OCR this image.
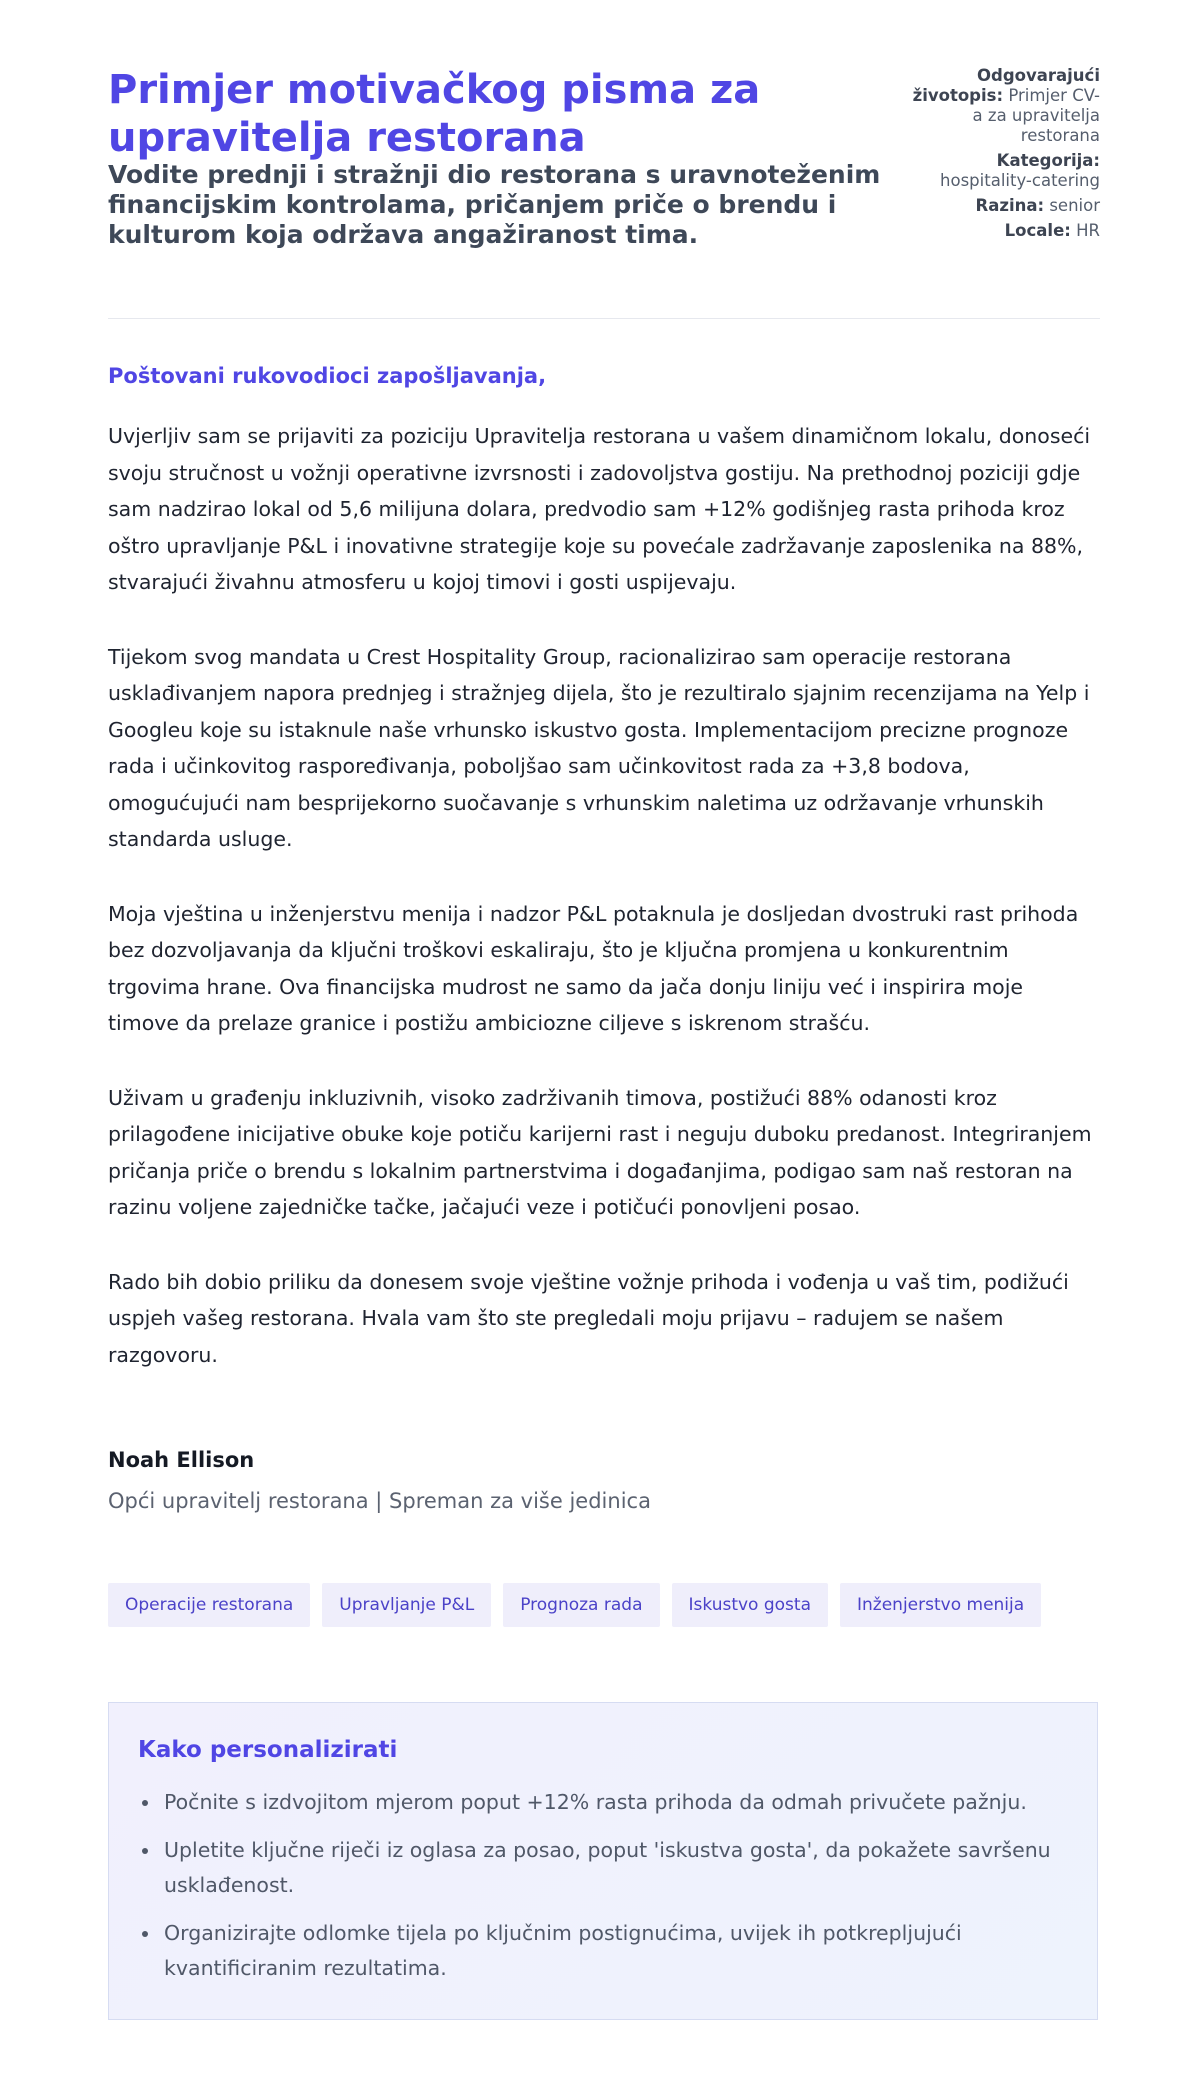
Primjer motivačkog pisma za upravitelja restorana
Vodite prednji i stražnji dio restorana s uravnoteženim financijskim kontrolama, pričanjem priče o brendu i kulturom koja održava angažiranost tima.
Odgovarajući životopis: Primjer CV-a za upravitelja restorana
Kategorija: hospitality-catering
Razina: senior
Locale: HR
Poštovani rukovodioci zapošljavanja,

Uvjerljiv sam se prijaviti za poziciju Upravitelja restorana u vašem dinamičnom lokalu, donoseći svoju stručnost u vožnji operativne izvrsnosti i zadovoljstva gostiju. Na prethodnoj poziciji gdje sam nadzirao lokal od 5,6 milijuna dolara, predvodio sam +12% godišnjeg rasta prihoda kroz oštro upravljanje P&L i inovativne strategije koje su povećale zadržavanje zaposlenika na 88%, stvarajući živahnu atmosferu u kojoj timovi i gosti uspijevaju.

Tijekom svog mandata u Crest Hospitality Group, racionalizirao sam operacije restorana usklađivanjem napora prednjeg i stražnjeg dijela, što je rezultiralo sjajnim recenzijama na Yelp i Googleu koje su istaknule naše vrhunsko iskustvo gosta. Implementacijom precizne prognoze rada i učinkovitog raspoređivanja, poboljšao sam učinkovitost rada za +3,8 bodova, omogućujući nam besprijekorno suočavanje s vrhunskim naletima uz održavanje vrhunskih standarda usluge.

Moja vještina u inženjerstvu menija i nadzor P&L potaknula je dosljedan dvostruki rast prihoda bez dozvoljavanja da ključni troškovi eskaliraju, što je ključna promjena u konkurentnim trgovima hrane. Ova financijska mudrost ne samo da jača donju liniju već i inspirira moje timove da prelaze granice i postižu ambiciozne ciljeve s iskrenom strašću.

Uživam u građenju inkluzivnih, visoko zadrživanih timova, postižući 88% odanosti kroz prilagođene inicijative obuke koje potiču karijerni rast i neguju duboku predanost. Integriranjem pričanja priče o brendu s lokalnim partnerstvima i događanjima, podigao sam naš restoran na razinu voljene zajedničke tačke, jačajući veze i potičući ponovljeni posao.

Rado bih dobio priliku da donesem svoje vještine vožnje prihoda i vođenja u vaš tim, podižući uspjeh vašeg restorana. Hvala vam što ste pregledali moju prijavu – radujem se našem razgovoru.

Noah Ellison
Opći upravitelj restorana | Spreman za više jedinica
Operacije restorana	Upravljanje P&L	Prognoza rada	Iskustvo gosta	Inženjerstvo menija
Kako personalizirati
Počnite s izdvojitom mjerom poput +12% rasta prihoda da odmah privučete pažnju.
Upletite ključne riječi iz oglasa za posao, poput 'iskustva gosta', da pokažete savršenu usklađenost.
Organizirajte odlomke tijela po ključnim postignućima, uvijek ih potkrepljujući kvantificiranim rezultatima.
